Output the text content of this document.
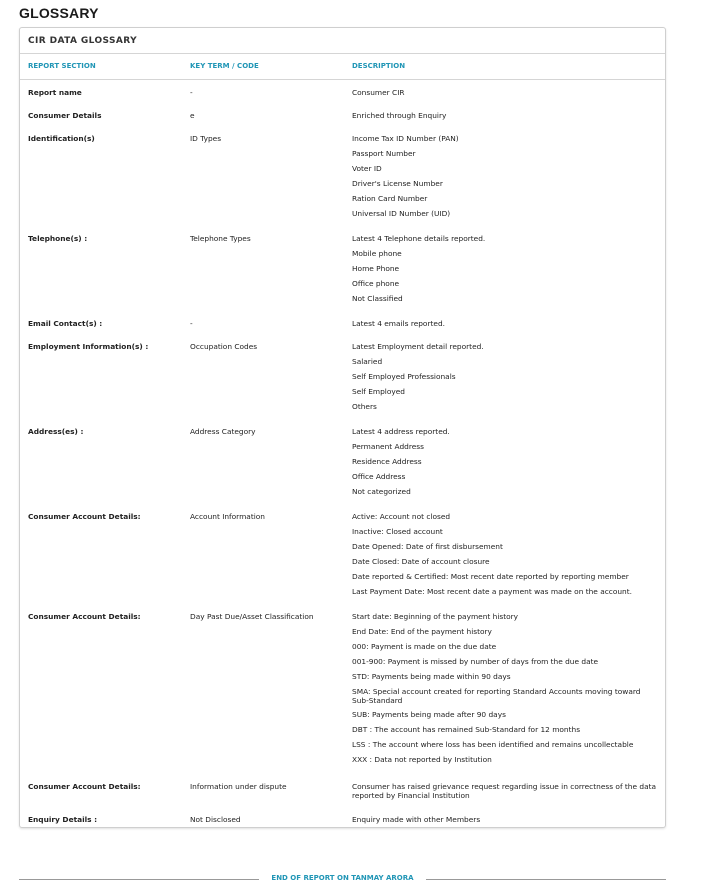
GLOSSARY
CIR DATA GLOSSARY
REPORT SECTION	KEY TERM / CODE	DESCRIPTION
Report name	-	Consumer CIR
Consumer Details	e	Enriched through Enquiry
Identification(s)	ID Types	Income Tax ID Number (PAN)
Passport Number
Voter ID
Driver's License Number
Ration Card Number
Universal ID Number (UID)
Telephone(s) :	Telephone Types	Latest 4 Telephone details reported.
Mobile phone
Home Phone
Office phone
Not Classified
Email Contact(s) :	-	Latest 4 emails reported.
Employment Information(s) :	Occupation Codes	Latest Employment detail reported.
Salaried
Self Employed Professionals
Self Employed
Others
Address(es) :	Address Category	Latest 4 address reported.
Permanent Address
Residence Address
Office Address
Not categorized
Consumer Account Details:	Account Information	Active: Account not closed
Inactive: Closed account
Date Opened: Date of first disbursement
Date Closed: Date of account closure
Date reported & Certified: Most recent date reported by reporting member
Last Payment Date: Most recent date a payment was made on the account.
Consumer Account Details:	Day Past Due/Asset Classification	Start date: Beginning of the payment history
End Date: End of the payment history
000: Payment is made on the due date
001-900: Payment is missed by number of days from the due date
STD: Payments being made within 90 days
SMA: Special account created for reporting Standard Accounts moving toward Sub-Standard
SUB: Payments being made after 90 days
DBT : The account has remained Sub-Standard for 12 months
LSS : The account where loss has been identified and remains uncollectable
XXX : Data not reported by Institution
Consumer Account Details:	Information under dispute	Consumer has raised grievance request regarding issue in correctness of the data reported by Financial Institution
Enquiry Details :	Not Disclosed	Enquiry made with other Members
END OF REPORT ON TANMAY ARORA
